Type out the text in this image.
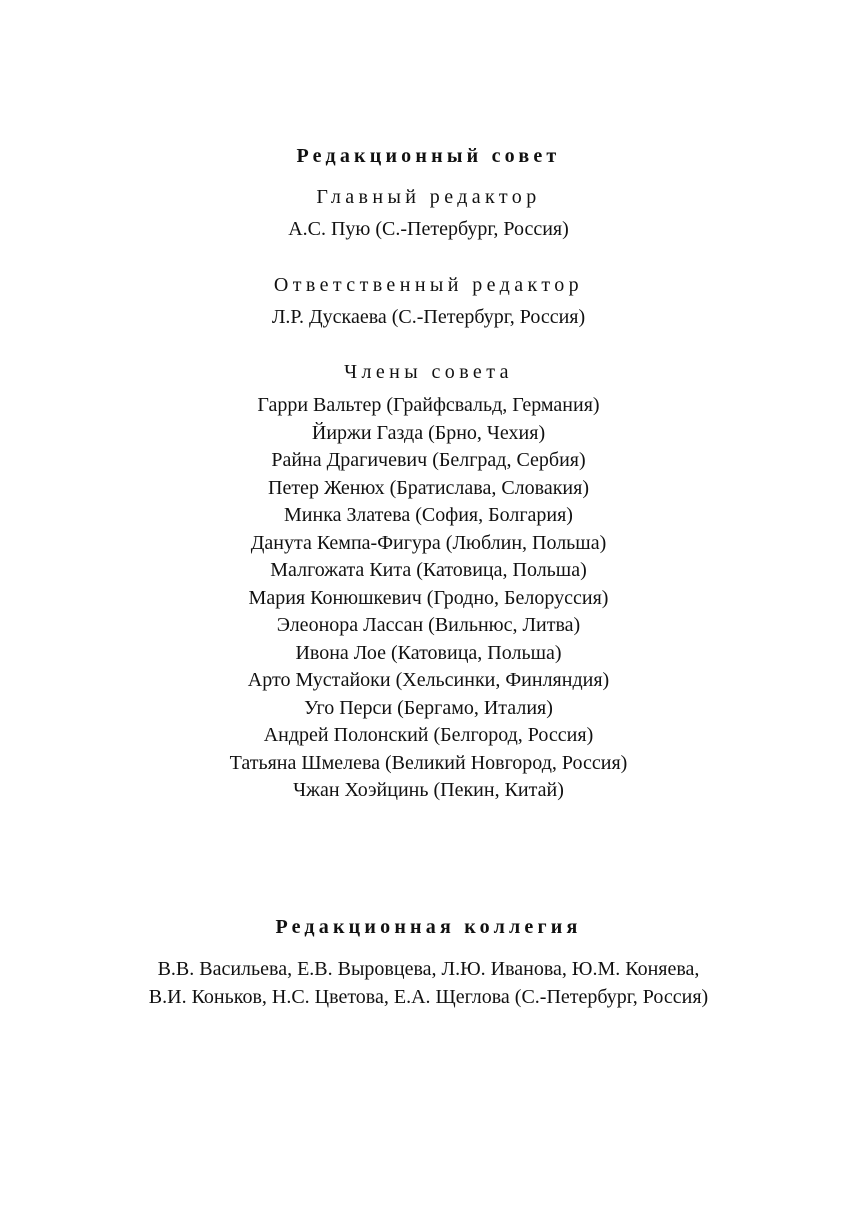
Редакционный совет
Главный редактор
А.С. Пую (С.-Петербург, Россия)
Ответственный редактор
Л.Р. Дускаева (С.-Петербург, Россия)
Члены совета
Гарри Вальтер (Грайфсвальд, Германия)
Йиржи Газда (Брно, Чехия)
Райна Драгичевич (Белград, Сербия)
Петер Женюх (Братислава, Словакия)
Минка Златева (София, Болгария)
Данута Кемпа-Фигура (Люблин, Польша)
Малгожата Кита (Катовица, Польша)
Мария Конюшкевич (Гродно, Белоруссия)
Элеонора Лассан (Вильнюс, Литва)
Ивона Лое (Катовица, Польша)
Арто Мустайоки (Хельсинки, Финляндия)
Уго Перси (Бергамо, Италия)
Андрей Полонский (Белгород, Россия)
Татьяна Шмелева (Великий Новгород, Россия)
Чжан Хоэйцинь (Пекин, Китай)
Редакционная коллегия
В.В. Васильева, Е.В. Выровцева, Л.Ю. Иванова, Ю.М. Коняева,
В.И. Коньков, Н.С. Цветова, Е.А. Щеглова (С.-Петербург, Россия)
